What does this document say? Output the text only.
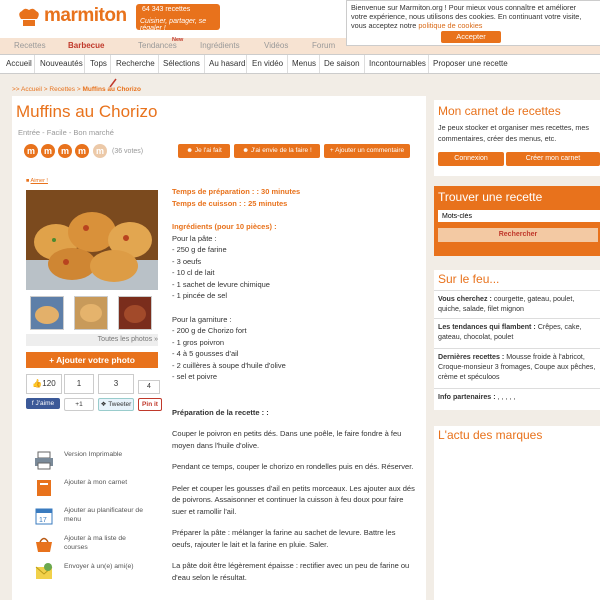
marmiton 64 343 recettes
Cuisiner, partager, se régaler !
Bienvenue sur Marmiton.org ! Pour mieux vous connaître et améliorer votre expérience, nous utilisons des cookies. En continuant votre visite, vous acceptez notre politique de cookies
Accepter
Recettes	Barbecue	Tendances
New
Ingrédients	Vidéos	Forum
Accueil Nouveautés Tops Recherche Sélections Au hasard En vidéo Menus De saison Incontournables Proposer une recette
>> Accueil > Recettes > Muffins au Chorizo
Muffins au Chorizo
Entrée - Facile - Bon marché
m m m m	m	(36 votes)	☻ Je l'ai fait	☻ J'ai envie de la faire !	+ Ajouter un commentaire
■ Aimer !
Toutes les photos »
+ Ajouter votre photo
👍120	1	3	4
f J'aime	+1	❖ Tweeter	Pin it
Version Imprimable
Ajouter à mon carnet
17
Ajouter au planificateur de menu
Ajouter à ma liste de courses
Envoyer à un(e) ami(e)
Temps de préparation : : 30 minutes
Temps de cuisson : : 25 minutes
Ingrédients (pour 10 pièces) :
Pour la pâte :
- 250 g de farine
- 3 oeufs
- 10 cl de lait
- 1 sachet de levure chimique
- 1 pincée de sel
Pour la garniture :
- 200 g de Chorizo fort
- 1 gros poivron
- 4 à 5 gousses d'ail
- 2 cuillères à soupe d'huile d'olive
- sel et poivre
Préparation de la recette : :
Couper le poivron en petits dés. Dans une poêle, le faire fondre à feu moyen dans l'huile d'olive.
Pendant ce temps, couper le chorizo en rondelles puis en dés. Réserver.
Peler et couper les gousses d'ail en petits morceaux. Les ajouter aux dés de poivrons. Assaisonner et continuer la cuisson à feu doux pour faire suer et ramollir l'ail.
Préparer la pâte : mélanger la farine au sachet de levure. Battre les oeufs, rajouter le lait et la farine en pluie. Saler.
La pâte doit être légèrement épaisse : rectifier avec un peu de farine ou d'eau selon le résultat.
Mon carnet de recettes
Je peux stocker et organiser mes recettes, mes commentaires, créer des menus, etc.
Connexion	Créer mon carnet
Trouver une recette
Mots-clés
Rechercher
Sur le feu...
Vous cherchez : courgette, gateau, poulet, quiche, salade, filet mignon
Les tendances qui flambent : Crêpes, cake, gateau, chocolat, poulet
Dernières recettes : Mousse froide à l'abricot, Croque-monsieur 3 fromages, Coupe aux pêches, crème et spéculoos
Info partenaires : , , , , ,
L'actu des marques
